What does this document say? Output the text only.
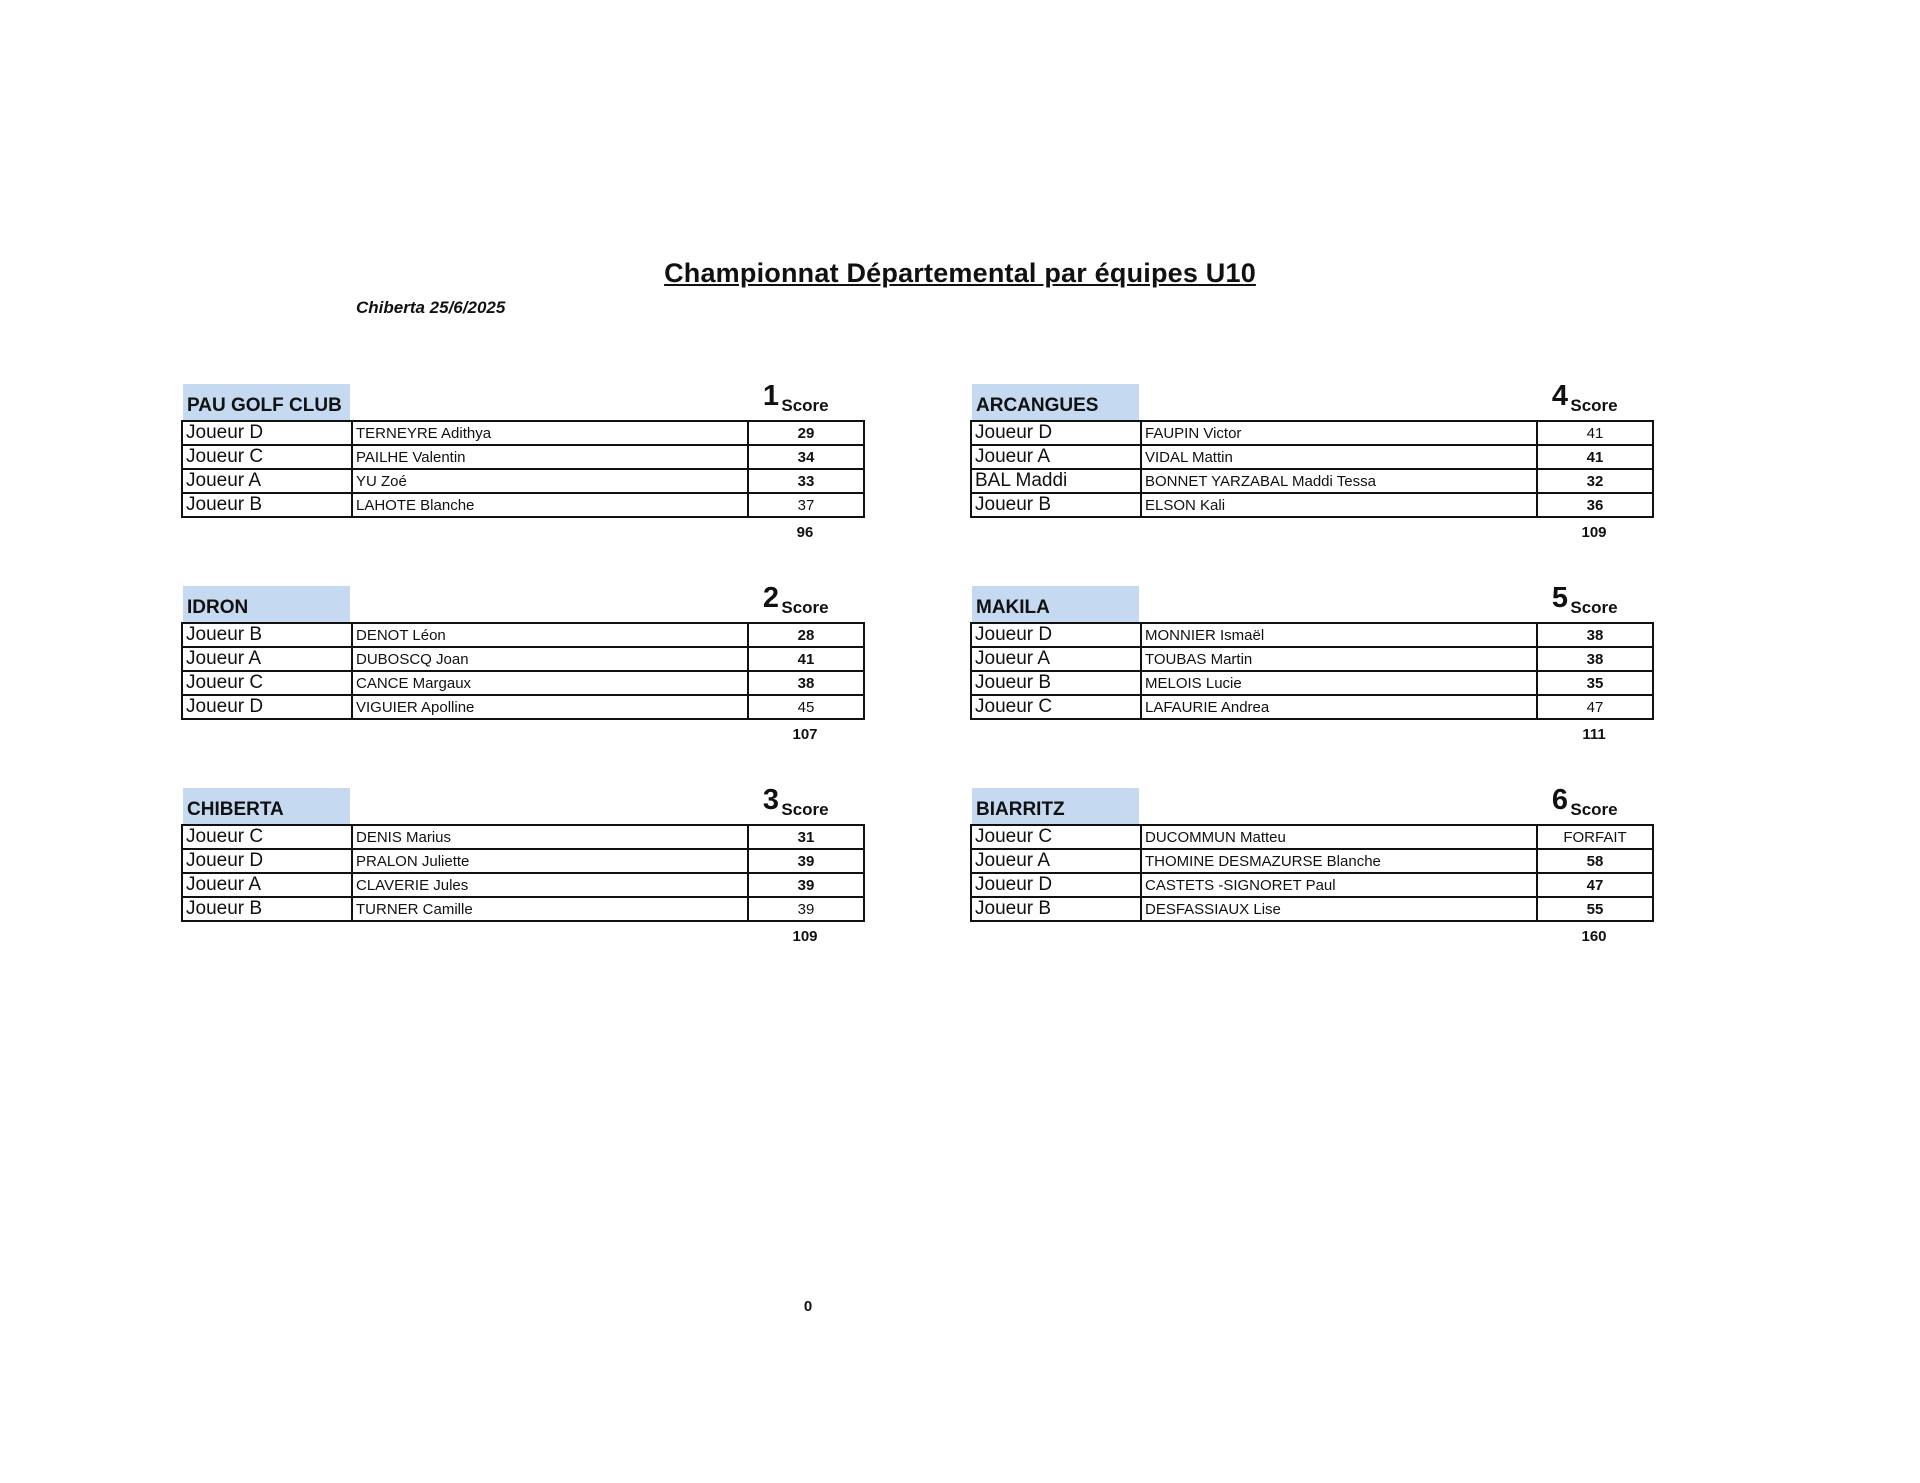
Championnat Départemental par équipes U10
Chiberta 25/6/2025
PAU GOLF CLUB	1 Score
Joueur D	TERNEYRE Adithya	29
Joueur C	PAILHE Valentin	34
Joueur A	YU Zoé	33
Joueur B	LAHOTE Blanche	37
96
IDRON	2 Score
Joueur B	DENOT Léon	28
Joueur A	DUBOSCQ Joan	41
Joueur C	CANCE Margaux	38
Joueur D	VIGUIER Apolline	45
107
CHIBERTA	3 Score
Joueur C	DENIS Marius	31
Joueur D	PRALON Juliette	39
Joueur A	CLAVERIE Jules	39
Joueur B	TURNER Camille	39
109
ARCANGUES	4 Score
Joueur D	FAUPIN Victor	41
Joueur A	VIDAL Mattin	41
BAL Maddi	BONNET YARZABAL Maddi Tessa	32
Joueur B	ELSON Kali	36
109
MAKILA	5 Score
Joueur D	MONNIER Ismaël	38
Joueur A	TOUBAS Martin	38
Joueur B	MELOIS Lucie	35
Joueur C	LAFAURIE Andrea	47
111
BIARRITZ	6 Score
Joueur C	DUCOMMUN Matteu	FORFAIT
Joueur A	THOMINE DESMAZURSE Blanche	58
Joueur D	CASTETS -SIGNORET Paul	47
Joueur B	DESFASSIAUX Lise	55
160
0
